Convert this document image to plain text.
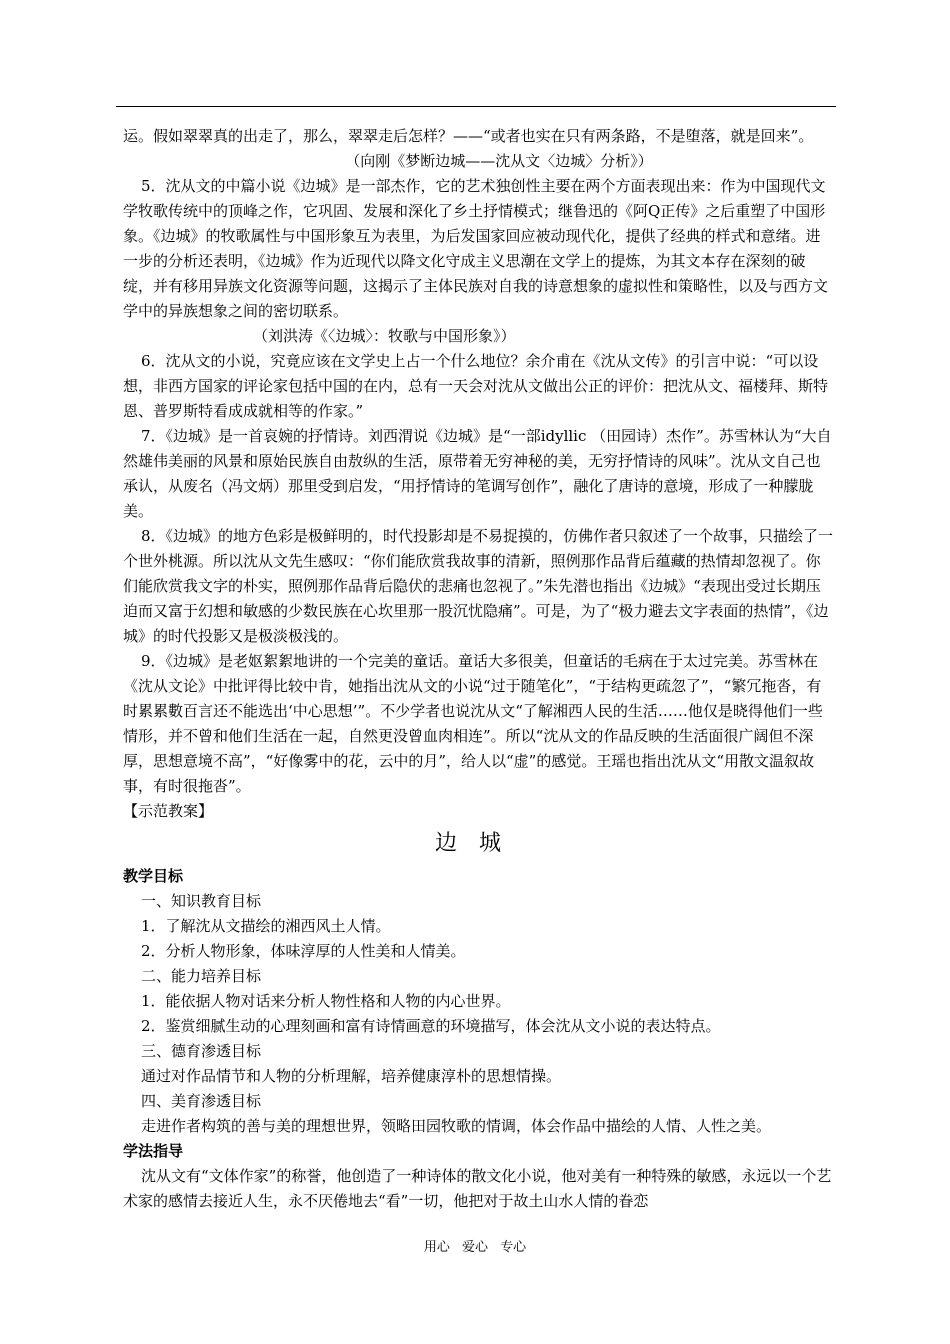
运。假如翠翠真的出走了，那么，翠翠走后怎样？——“或者也实在只有两条路，不是堕落，就是回来”。

（向刚《梦断边城——沈从文〈边城〉分析》）

5．沈从文的中篇小说《边城》是一部杰作，它的艺术独创性主要在两个方面表现出来：作为中国现代文学牧歌传统中的顶峰之作，它巩固、发展和深化了乡土抒情模式；继鲁迅的《阿Q正传》之后重塑了中国形象。《边城》的牧歌属性与中国形象互为表里，为后发国家回应被动现代化，提供了经典的样式和意绪。进一步的分析还表明，《边城》作为近现代以降文化守成主义思潮在文学上的提炼，为其文本存在深刻的破绽，并有移用异族文化资源等问题，这揭示了主体民族对自我的诗意想象的虚拟性和策略性，以及与西方文学中的异族想象之间的密切联系。

（刘洪涛《〈边城〉：牧歌与中国形象》）

6．沈从文的小说，究竟应该在文学史上占一个什么地位？余介甫在《沈从文传》的引言中说：“可以设想，非西方国家的评论家包括中国的在内，总有一天会对沈从文做出公正的评价：把沈从文、福楼拜、斯特恩、普罗斯特看成成就相等的作家。”

7．《边城》是一首哀婉的抒情诗。刘西渭说《边城》是“一部idyllic （田园诗）杰作”。苏雪林认为“大自然雄伟美丽的风景和原始民族自由敖纵的生活，原带着无穷神秘的美，无穷抒情诗的风味”。沈从文自己也承认，从废名（冯文炳）那里受到启发，“用抒情诗的笔调写创作”，融化了唐诗的意境，形成了一种朦胧美。

8．《边城》的地方色彩是极鲜明的，时代投影却是不易捉摸的，仿佛作者只叙述了一个故事，只描绘了一个世外桃源。所以沈从文先生感叹：“你们能欣赏我故事的清新，照例那作品背后蕴藏的热情却忽视了。你们能欣赏我文字的朴实，照例那作品背后隐伏的悲痛也忽视了。”朱先潜也指出《边城》“表现出受过长期压迫而又富于幻想和敏感的少数民族在心坎里那一股沉忧隐痛”。可是，为了“极力避去文字表面的热情”，《边城》的时代投影又是极淡极浅的。

9．《边城》是老妪絮絮地讲的一个完美的童话。童话大多很美，但童话的毛病在于太过完美。苏雪林在《沈从文论》中批评得比较中肯，她指出沈从文的小说“过于随笔化”，“于结构更疏忽了”，“繁冗拖沓，有时累累數百言还不能选出‘中心思想’”。不少学者也说沈从文“了解湘西人民的生活……他仅是晓得他们一些情形，并不曾和他们生活在一起，自然更没曾血肉相连”。所以“沈从文的作品反映的生活面很广阔但不深厚，思想意境不高”，“好像雾中的花，云中的月”，给人以“虚”的感觉。王瑶也指出沈从文“用散文温叙故事，有时很拖沓”。

【示范教案】

边城

教学目标

一、知识教育目标

1．了解沈从文描绘的湘西风土人情。

2．分析人物形象，体味淳厚的人性美和人情美。

二、能力培养目标

1．能依据人物对话来分析人物性格和人物的内心世界。

2．鉴赏细腻生动的心理刻画和富有诗情画意的环境描写，体会沈从文小说的表达特点。

三、德育渗透目标

通过对作品情节和人物的分析理解，培养健康淳朴的思想情操。

四、美育渗透目标

走进作者构筑的善与美的理想世界，领略田园牧歌的情调，体会作品中描绘的人情、人性之美。

学法指导

沈从文有“文体作家”的称誉，他创造了一种诗体的散文化小说，他对美有一种特殊的敏感，永远以一个艺术家的感情去接近人生，永不厌倦地去“看”一切，他把对于故土山水人情的眷恋

用心 爱心 专心
